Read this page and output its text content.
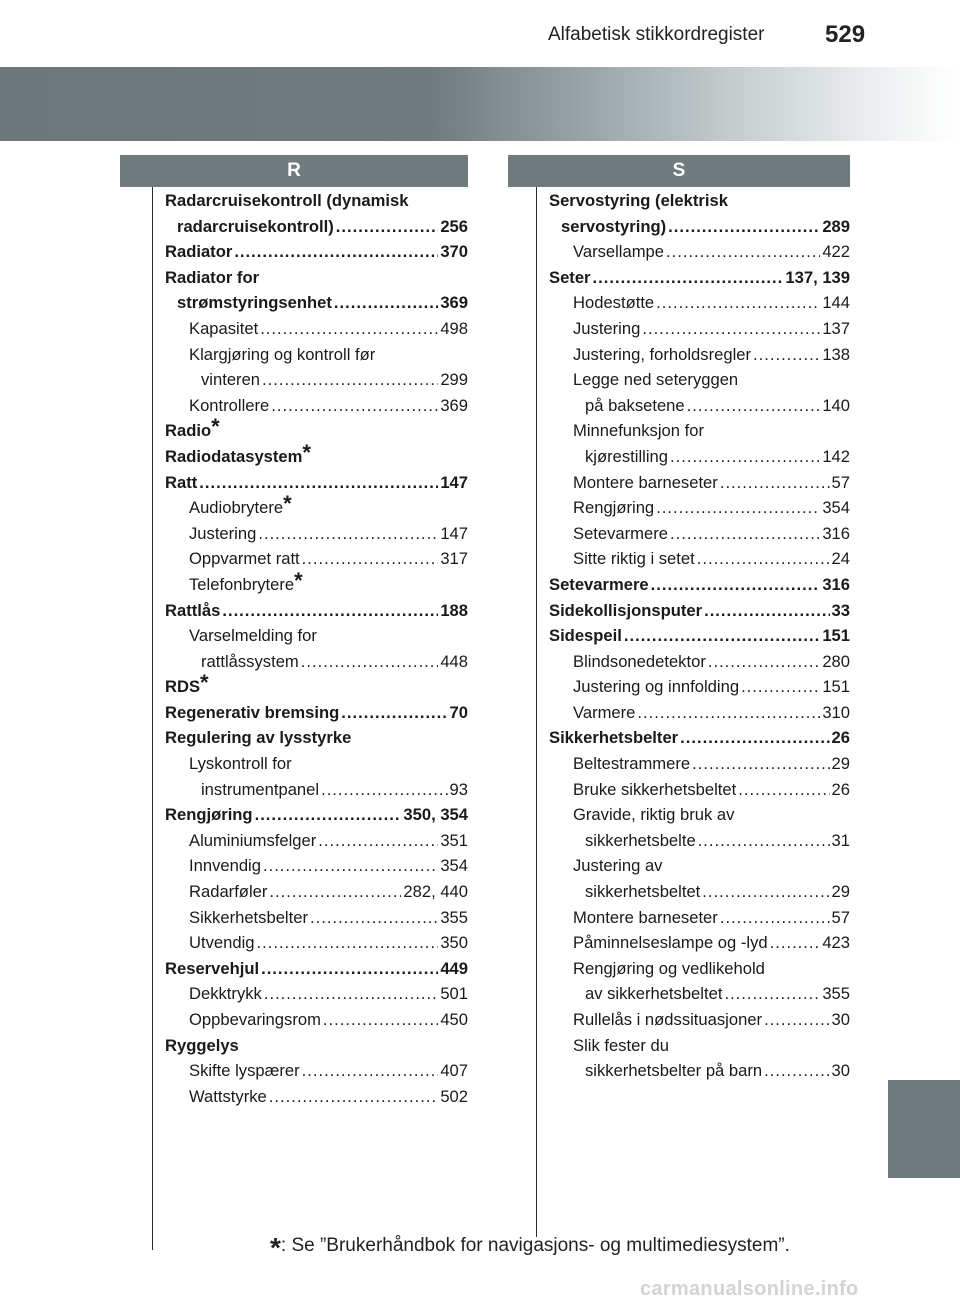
Alfabetisk stikkordregister	529
R	S
Radarcruisekontroll (dynamisk
radarcruisekontroll) .....	256
Radiator .....	370
Radiator for
strømstyringsenhet .....	369
Kapasitet .....	498
Klargjøring og kontroll før
vinteren .....	299
Kontrollere .....	369
Radio*
Radiodatasystem*
Ratt .....	147
Audiobrytere*
Justering .....	147
Oppvarmet ratt .....	317
Telefonbrytere *
Rattlås .....	188
Varselmelding for
rattlåssystem .....	448
RDS*
Regenerativ bremsing .....	70
Regulering av lysstyrke
Lyskontroll for
instrumentpanel .....	93
Rengjøring .....	350, 354
Aluminiumsfelger .....	351
Innvendig .....	354
Radarføler .....	282, 440
Sikkerhetsbelter .....	355
Utvendig .....	350
Reservehjul .....	449
Dekktrykk .....	501
Oppbevaringsrom .....	450
Ryggelys
Skifte lyspærer .....	407
Wattstyrke .....	502
Servostyring (elektrisk
servostyring) .....	289
Varsellampe .....	422
Seter .....	137, 139
Hodestøtte .....	144
Justering .....	137
Justering, forholdsregler .....	138
Legge ned seteryggen
på baksetene .....	140
Minnefunksjon for
kjørestilling .....	142
Montere barneseter .....	57
Rengjøring .....	354
Setevarmere .....	316
Sitte riktig i setet .....	24
Setevarmere .....	316
Sidekollisjonsputer .....	33
Sidespeil .....	151
Blindsonedetektor .....	280
Justering og innfolding .....	151
Varmere .....	310
Sikkerhetsbelter .....	26
Beltestrammere .....	29
Bruke sikkerhetsbeltet .....	26
Gravide, riktig bruk av
sikkerhetsbelte .....	31
Justering av
sikkerhetsbeltet .....	29
Montere barneseter .....	57
Påminnelseslampe og -lyd .....	423
Rengjøring og vedlikehold
av sikkerhetsbeltet .....	355
Rullelås i nødssituasjoner .....	30
Slik fester du
sikkerhetsbelter på barn .....	30
*: Se ”Brukerhåndbok for navigasjons- og multimediesystem”.
carmanualsonline.info
